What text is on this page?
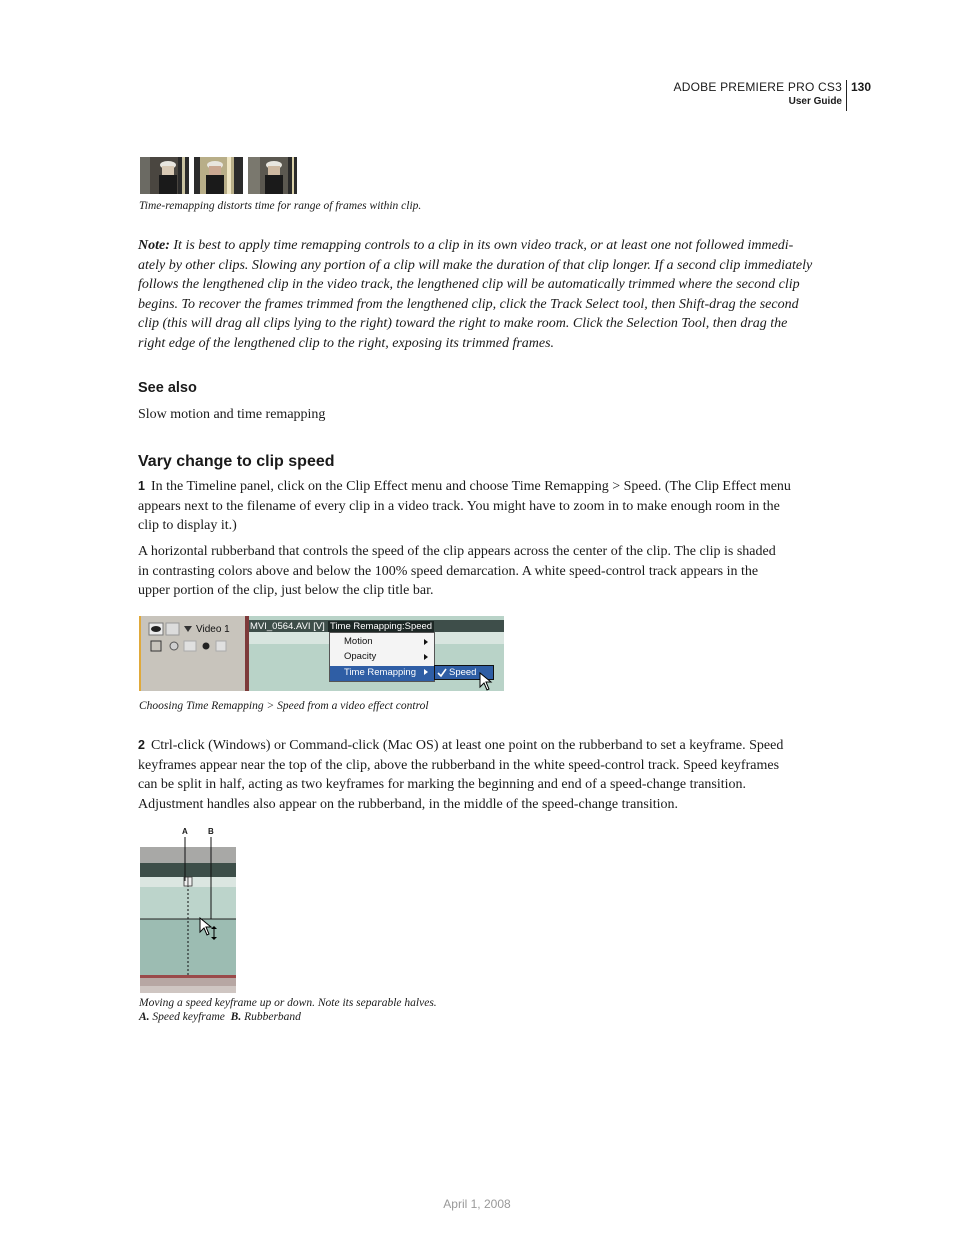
ADOBE PREMIERE PRO CS3
User Guide
130
Time-remapping distorts time for range of frames within clip.
Note: It is best to apply time remapping controls to a clip in its own video track, or at least one not followed immedi-
ately by other clips. Slowing any portion of a clip will make the duration of that clip longer. If a second clip immediately
follows the lengthened clip in the video track, the lengthened clip will be automatically trimmed where the second clip
begins. To recover the frames trimmed from the lengthened clip, click the Track Select tool, then Shift-drag the second
clip (this will drag all clips lying to the right) toward the right to make room. Click the Selection Tool, then drag the
right edge of the lengthened clip to the right, exposing its trimmed frames.
See also
Slow motion and time remapping
Vary change to clip speed
1 In the Timeline panel, click on the Clip Effect menu and choose Time Remapping > Speed. (The Clip Effect menu
appears next to the filename of every clip in a video track. You might have to zoom in to make enough room in the
clip to display it.)
A horizontal rubberband that controls the speed of the clip appears across the center of the clip. The clip is shaded
in contrasting colors above and below the 100% speed demarcation. A white speed-control track appears in the
upper portion of the clip, just below the clip title bar.
Video 1 MVI_0564.AVI [V] Time Remapping:Speed
Motion
Opacity
Time Remapping	Speed
Choosing Time Remapping > Speed from a video effect control
2 Ctrl-click (Windows) or Command-click (Mac OS) at least one point on the rubberband to set a keyframe. Speed
keyframes appear near the top of the clip, above the rubberband in the white speed-control track. Speed keyframes
can be split in half, acting as two keyframes for marking the beginning and end of a speed-change transition.
Adjustment handles also appear on the rubberband, in the middle of the speed-change transition.
A	B
Moving a speed keyframe up or down. Note its separable halves.
A. Speed keyframe B. Rubberband
April 1, 2008
